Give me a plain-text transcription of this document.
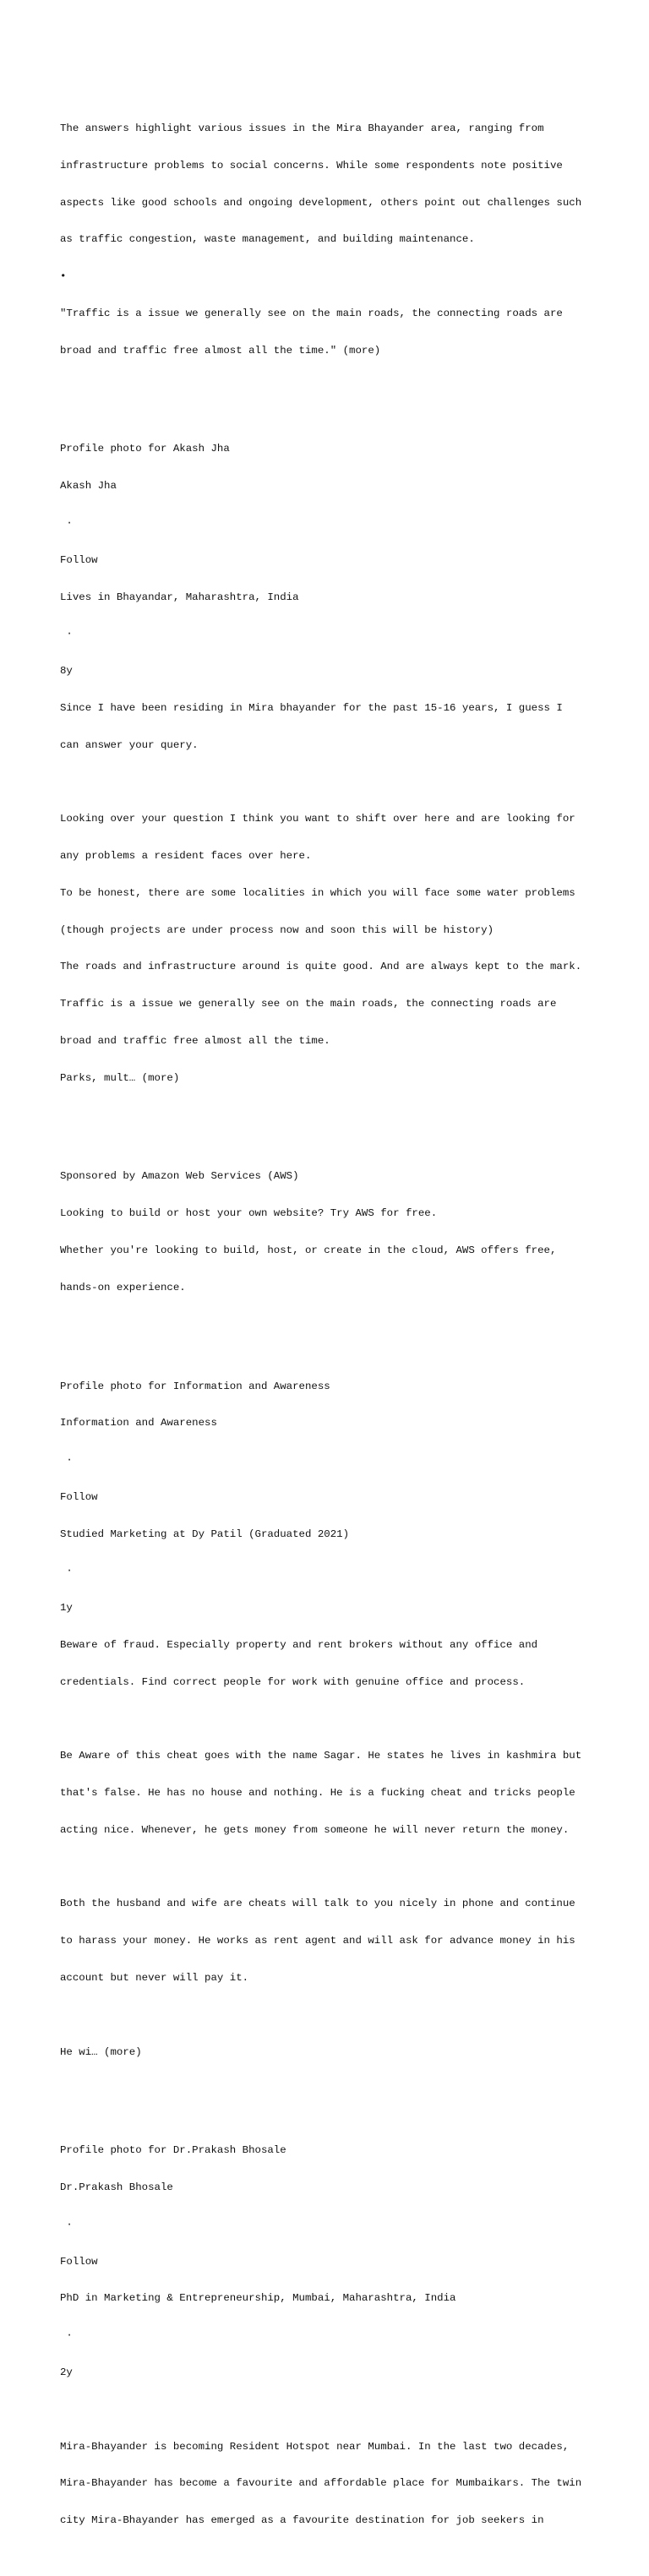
The answers highlight various issues in the Mira Bhayander area, ranging from

infrastructure problems to social concerns. While some respondents note positive

aspects like good schools and ongoing development, others point out challenges such

as traffic congestion, waste management, and building maintenance.

•

"Traffic is a issue we generally see on the main roads, the connecting roads are

broad and traffic free almost all the time." (more)

Profile photo for Akash Jha

Akash Jha

·

Follow

Lives in Bhayandar, Maharashtra, India

·

8y

Since I have been residing in Mira bhayander for the past 15-16 years, I guess I

can answer your query.

Looking over your question I think you want to shift over here and are looking for

any problems a resident faces over here.

To be honest, there are some localities in which you will face some water problems

(though projects are under process now and soon this will be history)

The roads and infrastructure around is quite good. And are always kept to the mark.

Traffic is a issue we generally see on the main roads, the connecting roads are

broad and traffic free almost all the time.

Parks, mult… (more)

Sponsored by Amazon Web Services (AWS)

Looking to build or host your own website? Try AWS for free.

Whether you're looking to build, host, or create in the cloud, AWS offers free,

hands-on experience.

Profile photo for Information and Awareness

Information and Awareness

·

Follow

Studied Marketing at Dy Patil (Graduated 2021)

·

1y

Beware of fraud. Especially property and rent brokers without any office and

credentials. Find correct people for work with genuine office and process.

Be Aware of this cheat goes with the name Sagar. He states he lives in kashmira but

that's false. He has no house and nothing. He is a fucking cheat and tricks people

acting nice. Whenever, he gets money from someone he will never return the money.

Both the husband and wife are cheats will talk to you nicely in phone and continue

to harass your money. He works as rent agent and will ask for advance money in his

account but never will pay it.

He wi… (more)

Profile photo for Dr.Prakash Bhosale

Dr.Prakash Bhosale

·

Follow

PhD in Marketing & Entrepreneurship, Mumbai, Maharashtra, India

·

2y

Mira-Bhayander is becoming Resident Hotspot near Mumbai. In the last two decades,

Mira-Bhayander has become a favourite and affordable place for Mumbaikars. The twin

city Mira-Bhayander has emerged as a favourite destination for job seekers in
